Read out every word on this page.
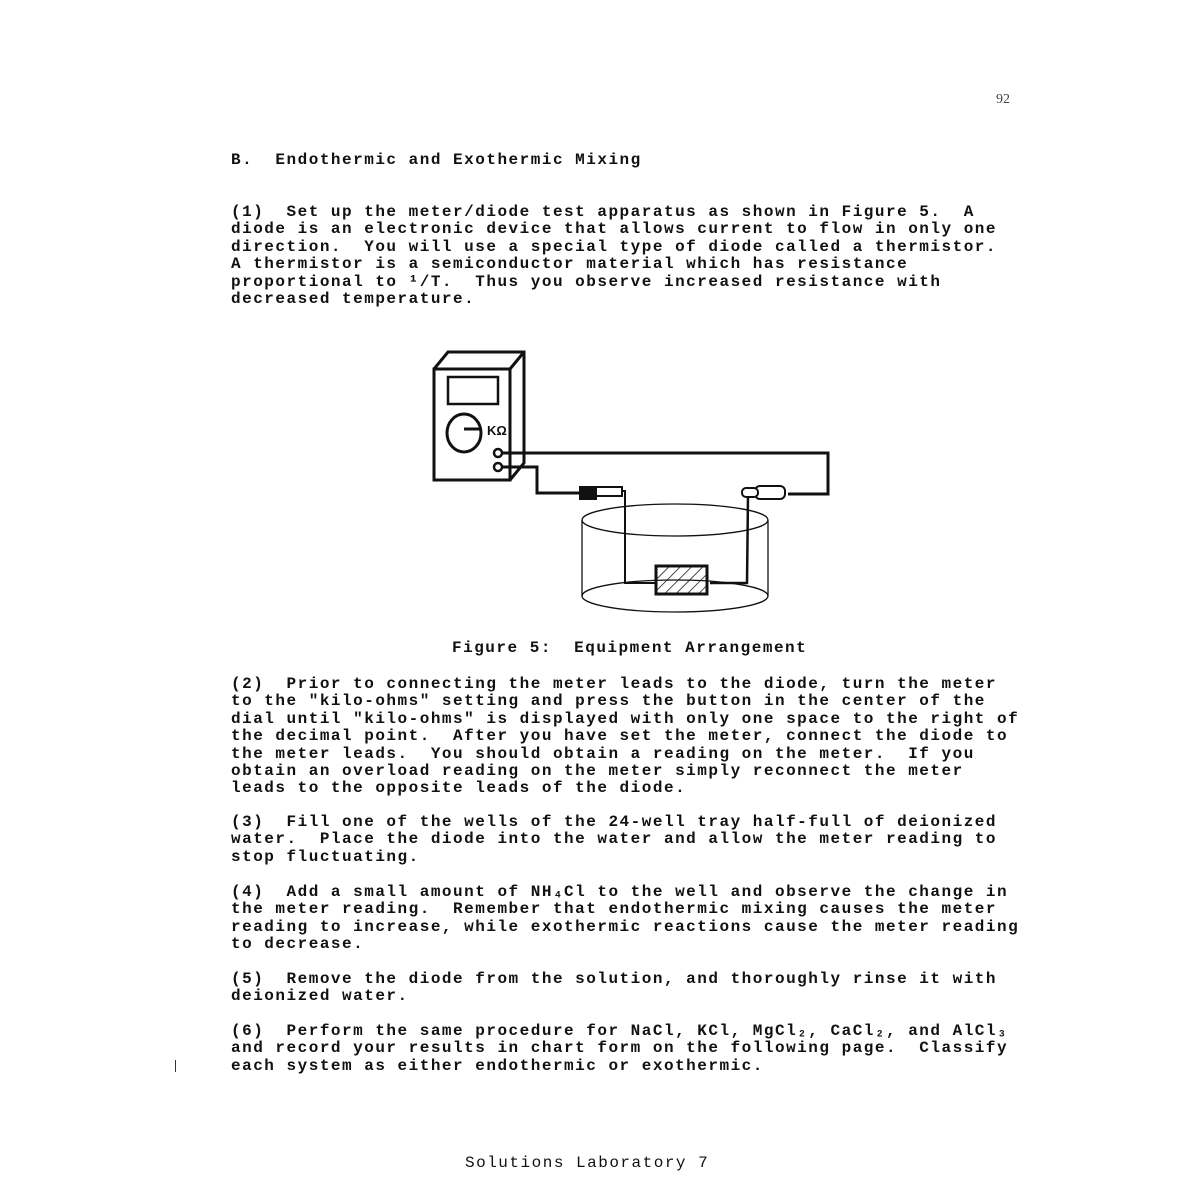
92
B.  Endothermic and Exothermic Mixing
(1)  Set up the meter/diode test apparatus as shown in Figure 5.  A
diode is an electronic device that allows current to flow in only one
direction.  You will use a special type of diode called a thermistor.
A thermistor is a semiconductor material which has resistance
proportional to ¹/T.  Thus you observe increased resistance with
decreased temperature.
KΩ
Figure 5:  Equipment Arrangement
(2)  Prior to connecting the meter leads to the diode, turn the meter
to the "kilo-ohms" setting and press the button in the center of the
dial until "kilo-ohms" is displayed with only one space to the right of
the decimal point.  After you have set the meter, connect the diode to
the meter leads.  You should obtain a reading on the meter.  If you
obtain an overload reading on the meter simply reconnect the meter
leads to the opposite leads of the diode.
(3)  Fill one of the wells of the 24-well tray half-full of deionized
water.  Place the diode into the water and allow the meter reading to
stop fluctuating.
(4)  Add a small amount of NH₄Cl to the well and observe the change in
the meter reading.  Remember that endothermic mixing causes the meter
reading to increase, while exothermic reactions cause the meter reading
to decrease.
(5)  Remove the diode from the solution, and thoroughly rinse it with
deionized water.
(6)  Perform the same procedure for NaCl, KCl, MgCl₂, CaCl₂, and AlCl₃
and record your results in chart form on the following page.  Classify
each system as either endothermic or exothermic.
Solutions Laboratory 7
